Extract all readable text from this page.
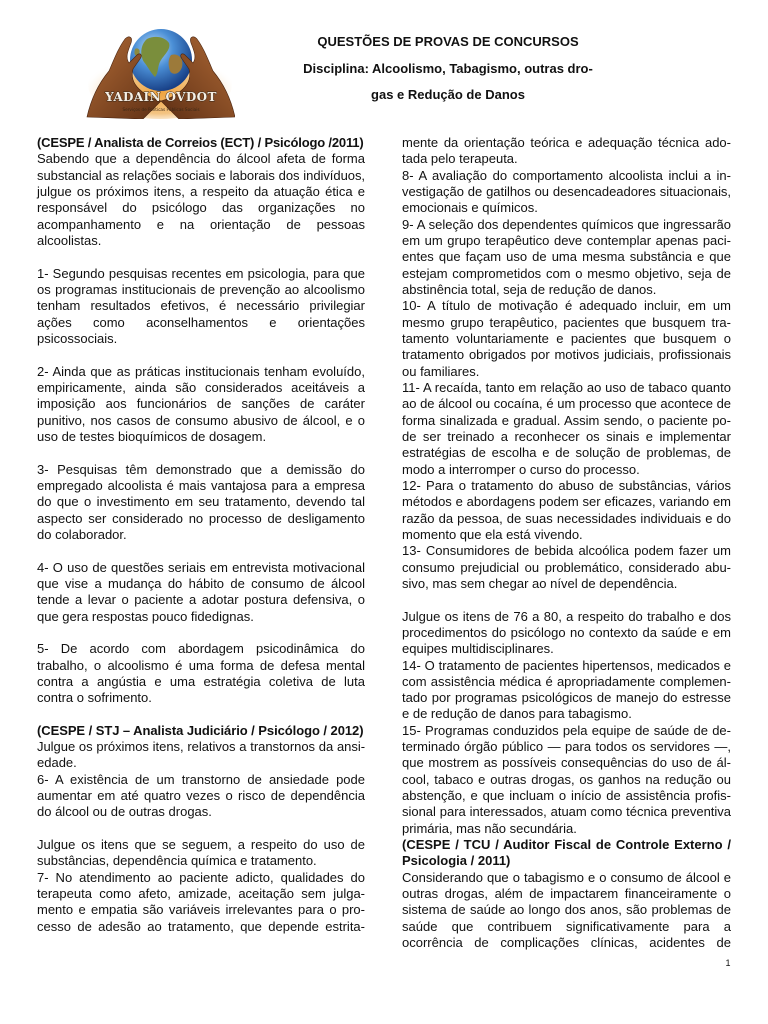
YADAIN OVDOT
Serviços de Políticas Públicas Sociais
QUESTÕES DE PROVAS DE CONCURSOS
Disciplina: Alcoolismo, Tabagismo, outras dro-
gas e Redução de Danos
(CESPE / Analista de Correios (ECT) / Psicólogo /2011)
Sabendo que a dependência do álcool afeta de forma
substancial as relações sociais e laborais dos indivíduos,
julgue os próximos itens, a respeito da atuação ética e
responsável do psicólogo das organizações no
acompanhamento e na orientação de pessoas
alcoolistas.
1- Segundo pesquisas recentes em psicologia, para que
os programas institucionais de prevenção ao alcoolismo
tenham resultados efetivos, é necessário privilegiar
ações como aconselhamentos e orientações
psicossociais.
2- Ainda que as práticas institucionais tenham evoluído,
empiricamente, ainda são considerados aceitáveis a
imposição aos funcionários de sanções de caráter
punitivo, nos casos de consumo abusivo de álcool, e o
uso de testes bioquímicos de dosagem.
3- Pesquisas têm demonstrado que a demissão do
empregado alcoolista é mais vantajosa para a empresa
do que o investimento em seu tratamento, devendo tal
aspecto ser considerado no processo de desligamento
do colaborador.
4- O uso de questões seriais em entrevista motivacional
que vise a mudança do hábito de consumo de álcool
tende a levar o paciente a adotar postura defensiva, o
que gera respostas pouco fidedignas.
5- De acordo com abordagem psicodinâmica do
trabalho, o alcoolismo é uma forma de defesa mental
contra a angústia e uma estratégia coletiva de luta
contra o sofrimento.
(CESPE / STJ – Analista Judiciário / Psicólogo / 2012)
Julgue os próximos itens, relativos a transtornos da ansi-
edade.
6- A existência de um transtorno de ansiedade pode
aumentar em até quatro vezes o risco de dependência
do álcool ou de outras drogas.
Julgue os itens que se seguem, a respeito do uso de
substâncias, dependência química e tratamento.
7- No atendimento ao paciente adicto, qualidades do
terapeuta como afeto, amizade, aceitação sem julga-
mento e empatia são variáveis irrelevantes para o pro-
cesso de adesão ao tratamento, que depende estrita-
mente da orientação teórica e adequação técnica ado-
tada pelo terapeuta.
8- A avaliação do comportamento alcoolista inclui a in-
vestigação de gatilhos ou desencadeadores situacionais,
emocionais e químicos.
9- A seleção dos dependentes químicos que ingressarão
em um grupo terapêutico deve contemplar apenas paci-
entes que façam uso de uma mesma substância e que
estejam comprometidos com o mesmo objetivo, seja de
abstinência total, seja de redução de danos.
10- A título de motivação é adequado incluir, em um
mesmo grupo terapêutico, pacientes que busquem tra-
tamento voluntariamente e pacientes que busquem o
tratamento obrigados por motivos judiciais, profissionais
ou familiares.
11- A recaída, tanto em relação ao uso de tabaco quanto
ao de álcool ou cocaína, é um processo que acontece de
forma sinalizada e gradual. Assim sendo, o paciente po-
de ser treinado a reconhecer os sinais e implementar
estratégias de escolha e de solução de problemas, de
modo a interromper o curso do processo.
12- Para o tratamento do abuso de substâncias, vários
métodos e abordagens podem ser eficazes, variando em
razão da pessoa, de suas necessidades individuais e do
momento que ela está vivendo.
13- Consumidores de bebida alcoólica podem fazer um
consumo prejudicial ou problemático, considerado abu-
sivo, mas sem chegar ao nível de dependência.
Julgue os itens de 76 a 80, a respeito do trabalho e dos
procedimentos do psicólogo no contexto da saúde e em
equipes multidisciplinares.
14- O tratamento de pacientes hipertensos, medicados e
com assistência médica é apropriadamente complemen-
tado por programas psicológicos de manejo do estresse
e de redução de danos para tabagismo.
15- Programas conduzidos pela equipe de saúde de de-
terminado órgão público — para todos os servidores —,
que mostrem as possíveis consequências do uso de ál-
cool, tabaco e outras drogas, os ganhos na redução ou
abstenção, e que incluam o início de assistência profis-
sional para interessados, atuam como técnica preventiva
primária, mas não secundária.
(CESPE / TCU / Auditor Fiscal de Controle Externo /
Psicologia / 2011)
Considerando que o tabagismo e o consumo de álcool e
outras drogas, além de impactarem financeiramente o
sistema de saúde ao longo dos anos, são problemas de
saúde que contribuem significativamente para a
ocorrência de complicações clínicas, acidentes de
1
